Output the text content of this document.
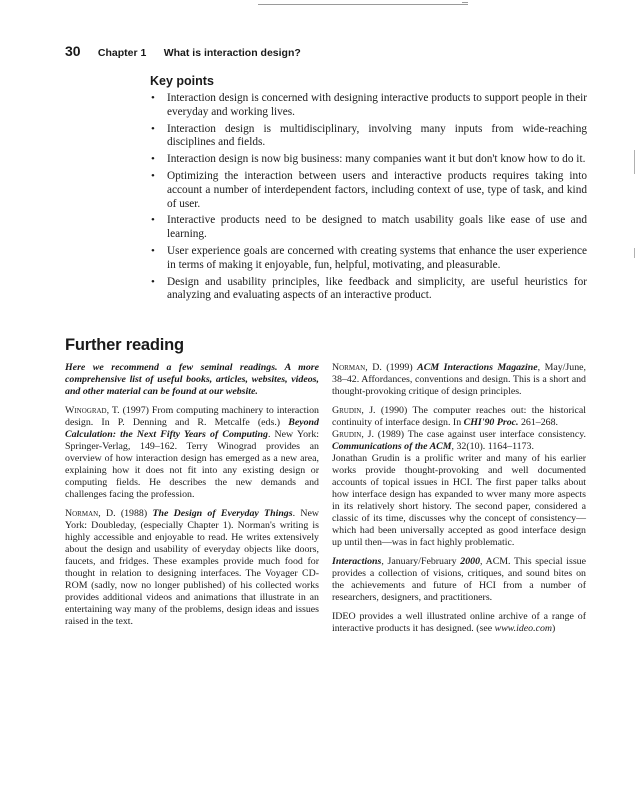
30 Chapter 1 What is interaction design?
Key points
• Interaction design is concerned with designing interactive products to support people in their everyday and working lives.
• Interaction design is multidisciplinary, involving many inputs from wide-reaching disciplines and fields.
• Interaction design is now big business: many companies want it but don't know how to do it.
• Optimizing the interaction between users and interactive products requires taking into account a number of interdependent factors, including context of use, type of task, and kind of user.
• Interactive products need to be designed to match usability goals like ease of use and learning.
• User experience goals are concerned with creating systems that enhance the user experience in terms of making it enjoyable, fun, helpful, motivating, and pleasurable.
• Design and usability principles, like feedback and simplicity, are useful heuristics for analyzing and evaluating aspects of an interactive product.
Further reading

Here we recommend a few seminal readings. A more comprehensive list of useful books, articles, websites, videos, and other material can be found at our website.

Winograd, T. (1997) From computing machinery to interaction design. In P. Denning and R. Metcalfe (eds.) Beyond Calculation: the Next Fifty Years of Computing. New York: Springer-Verlag, 149–162. Terry Winograd provides an overview of how interaction design has emerged as a new area, explaining how it does not fit into any existing design or computing fields. He describes the new demands and challenges facing the profession.

Norman, D. (1988) The Design of Everyday Things. New York: Doubleday, (especially Chapter 1). Norman's writing is highly accessible and enjoyable to read. He writes extensively about the design and usability of everyday objects like doors, faucets, and fridges. These examples provide much food for thought in relation to designing interfaces. The Voyager CD-ROM (sadly, now no longer published) of his collected works provides additional videos and animations that illustrate in an entertaining way many of the problems, design ideas and issues raised in the text.

Norman, D. (1999) ACM Interactions Magazine, May/June, 38–42. Affordances, conventions and design. This is a short and thought-provoking critique of design principles.

Grudin, J. (1990) The computer reaches out: the historical continuity of interface design. In CHI'90 Proc. 261–268.
Grudin, J. (1989) The case against user interface consistency. Communications of the ACM, 32(10). 1164–1173.
Jonathan Grudin is a prolific writer and many of his earlier works provide thought-provoking and well documented accounts of topical issues in HCI. The first paper talks about how interface design has expanded to wver many more aspects in its relatively short history. The second paper, considered a classic of its time, discusses why the concept of consistency—which had been universally accepted as good interface design up until then—was in fact highly problematic.

Interactions, January/February 2000, ACM. This special issue provides a collection of visions, critiques, and sound bites on the achievements and future of HCI from a number of researchers, designers, and practitioners.

IDEO provides a well illustrated online archive of a range of interactive products it has designed. (see www.ideo.com)
